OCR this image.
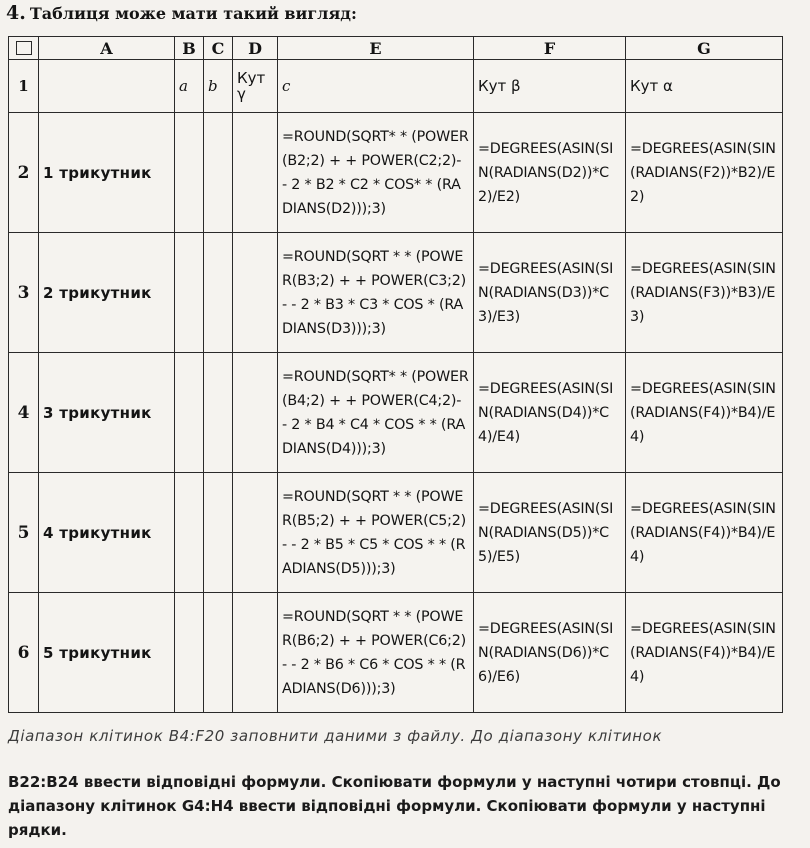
4. Таблиця може мати такий вигляд:
	A	B	C	D	E	F	G
1		a	b	Кут γ	c	Кут β	Кут α
2	1 трикутник				=ROUND(SQRT* * (POWER(B2;2) + + POWER(C2;2)- - 2 * B2 * C2 * COS* * (RADIANS(D2)));3)	=DEGREES(ASIN(SIN(RADIANS(D2))*C2)/E2)	=DEGREES(ASIN(SIN(RADIANS(F2))*B2)/E2)
3	2 трикутник				=ROUND(SQRT * * (POWER(B3;2) + + POWER(C3;2)- - 2 * B3 * C3 * COS * (RADIANS(D3)));3)	=DEGREES(ASIN(SIN(RADIANS(D3))*C3)/E3)	=DEGREES(ASIN(SIN(RADIANS(F3))*B3)/E3)
4	3 трикутник				=ROUND(SQRT* * (POWER(B4;2) + + POWER(C4;2)- - 2 * B4 * C4 * COS * * (RADIANS(D4)));3)	=DEGREES(ASIN(SIN(RADIANS(D4))*C4)/E4)	=DEGREES(ASIN(SIN(RADIANS(F4))*B4)/E4)
5	4 трикутник				=ROUND(SQRT * * (POWER(B5;2) + + POWER(C5;2) - - 2 * B5 * C5 * COS * * (RADIANS(D5)));3)	=DEGREES(ASIN(SIN(RADIANS(D5))*C5)/E5)	=DEGREES(ASIN(SIN(RADIANS(F4))*B4)/E4)
6	5 трикутник				=ROUND(SQRT * * (POWER(B6;2) + + POWER(C6;2) - - 2 * B6 * C6 * COS * * (RADIANS(D6)));3)	=DEGREES(ASIN(SIN(RADIANS(D6))*C6)/E6)	=DEGREES(ASIN(SIN(RADIANS(F4))*B4)/E4)
Діапазон клітинок B4:F20 заповнити даними з файлу. До діапазону клітинок
B22:B24 ввести відповідні формули. Скопіювати формули у наступні чотири стовпці. До діапазону клітинок G4:H4 ввести відповідні формули. Скопіювати формули у наступні рядки.
